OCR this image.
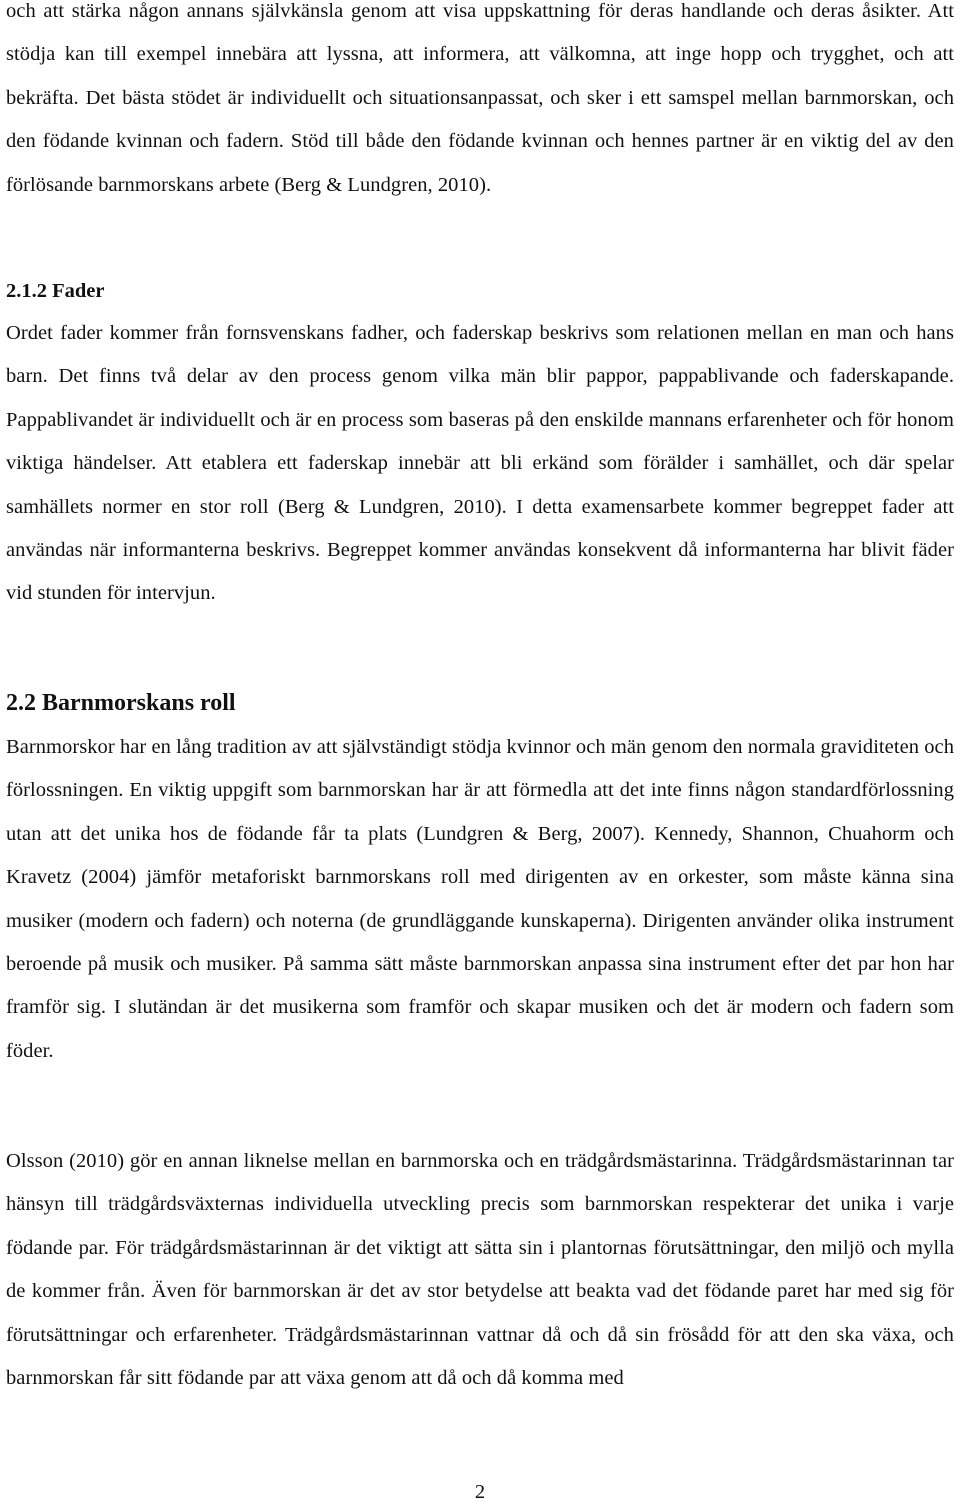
och att stärka någon annans självkänsla genom att visa uppskattning för deras handlande och deras åsikter. Att stödja kan till exempel innebära att lyssna, att informera, att välkomna, att inge hopp och trygghet, och att bekräfta. Det bästa stödet är individuellt och situationsanpassat, och sker i ett samspel mellan barnmorskan, och den födande kvinnan och fadern. Stöd till både den födande kvinnan och hennes partner är en viktig del av den förlösande barnmorskans arbete (Berg & Lundgren, 2010).

2.1.2 Fader

Ordet fader kommer från fornsvenskans fadher, och faderskap beskrivs som relationen mellan en man och hans barn. Det finns två delar av den process genom vilka män blir pappor, pappablivande och faderskapande. Pappablivandet är individuellt och är en process som baseras på den enskilde mannans erfarenheter och för honom viktiga händelser. Att etablera ett faderskap innebär att bli erkänd som förälder i samhället, och där spelar samhällets normer en stor roll (Berg & Lundgren, 2010). I detta examensarbete kommer begreppet fader att användas när informanterna beskrivs. Begreppet kommer användas konsekvent då informanterna har blivit fäder vid stunden för intervjun.

2.2 Barnmorskans roll

Barnmorskor har en lång tradition av att självständigt stödja kvinnor och män genom den normala graviditeten och förlossningen. En viktig uppgift som barnmorskan har är att förmedla att det inte finns någon standardförlossning utan att det unika hos de födande får ta plats (Lundgren & Berg, 2007). Kennedy, Shannon, Chuahorm och Kravetz (2004) jämför metaforiskt barnmorskans roll med dirigenten av en orkester, som måste känna sina musiker (modern och fadern) och noterna (de grundläggande kunskaperna). Dirigenten använder olika instrument beroende på musik och musiker. På samma sätt måste barnmorskan anpassa sina instrument efter det par hon har framför sig. I slutändan är det musikerna som framför och skapar musiken och det är modern och fadern som föder.

Olsson (2010) gör en annan liknelse mellan en barnmorska och en trädgårdsmästarinna. Trädgårdsmästarinnan tar hänsyn till trädgårdsväxternas individuella utveckling precis som barnmorskan respekterar det unika i varje födande par. För trädgårdsmästarinnan är det viktigt att sätta sin i plantornas förutsättningar, den miljö och mylla de kommer från. Även för barnmorskan är det av stor betydelse att beakta vad det födande paret har med sig för förutsättningar och erfarenheter. Trädgårdsmästarinnan vattnar då och då sin frösådd för att den ska växa, och barnmorskan får sitt födande par att växa genom att då och då komma med

2
